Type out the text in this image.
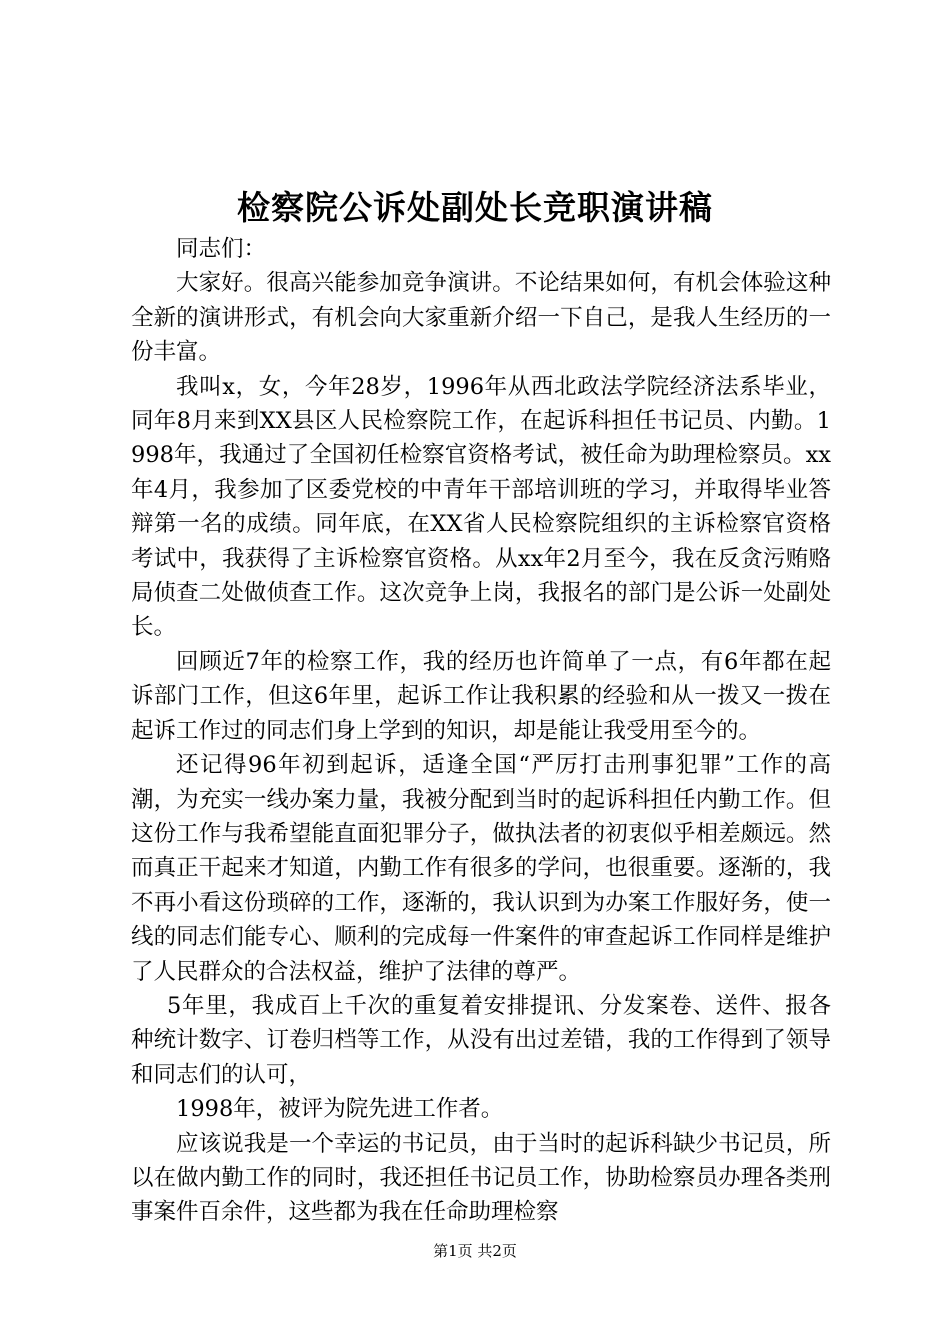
检察院公诉处副处长竞职演讲稿

同志们：

大家好。很高兴能参加竞争演讲。不论结果如何，有机会体验这种全新的演讲形式，有机会向大家重新介绍一下自己，是我人生经历的一份丰富。

我叫x，女，今年28岁，1996年从西北政法学院经济法系毕业，同年8月来到XX县区人民检察院工作，在起诉科担任书记员、内勤。1998年，我通过了全国初任检察官资格考试，被任命为助理检察员。xx年4月，我参加了区委党校的中青年干部培训班的学习，并取得毕业答辩第一名的成绩。同年底，在XX省人民检察院组织的主诉检察官资格考试中，我获得了主诉检察官资格。从xx年2月至今，我在反贪污贿赂局侦查二处做侦查工作。这次竞争上岗，我报名的部门是公诉一处副处长。

回顾近7年的检察工作，我的经历也许简单了一点，有6年都在起诉部门工作，但这6年里，起诉工作让我积累的经验和从一拨又一拨在起诉工作过的同志们身上学到的知识，却是能让我受用至今的。

还记得96年初到起诉，适逢全国“严厉打击刑事犯罪”工作的高潮，为充实一线办案力量，我被分配到当时的起诉科担任内勤工作。但这份工作与我希望能直面犯罪分子，做执法者的初衷似乎相差颇远。然而真正干起来才知道，内勤工作有很多的学问，也很重要。逐渐的，我不再小看这份琐碎的工作，逐渐的，我认识到为办案工作服好务，使一线的同志们能专心、顺利的完成每一件案件的审查起诉工作同样是维护了人民群众的合法权益，维护了法律的尊严。

5年里，我成百上千次的重复着安排提讯、分发案卷、送件、报各种统计数字、订卷归档等工作，从没有出过差错，我的工作得到了领导和同志们的认可，

1998年，被评为院先进工作者。

应该说我是一个幸运的书记员，由于当时的起诉科缺少书记员，所以在做内勤工作的同时，我还担任书记员工作，协助检察员办理各类刑事案件百余件，这些都为我在任命助理检察

第1页 共2页
